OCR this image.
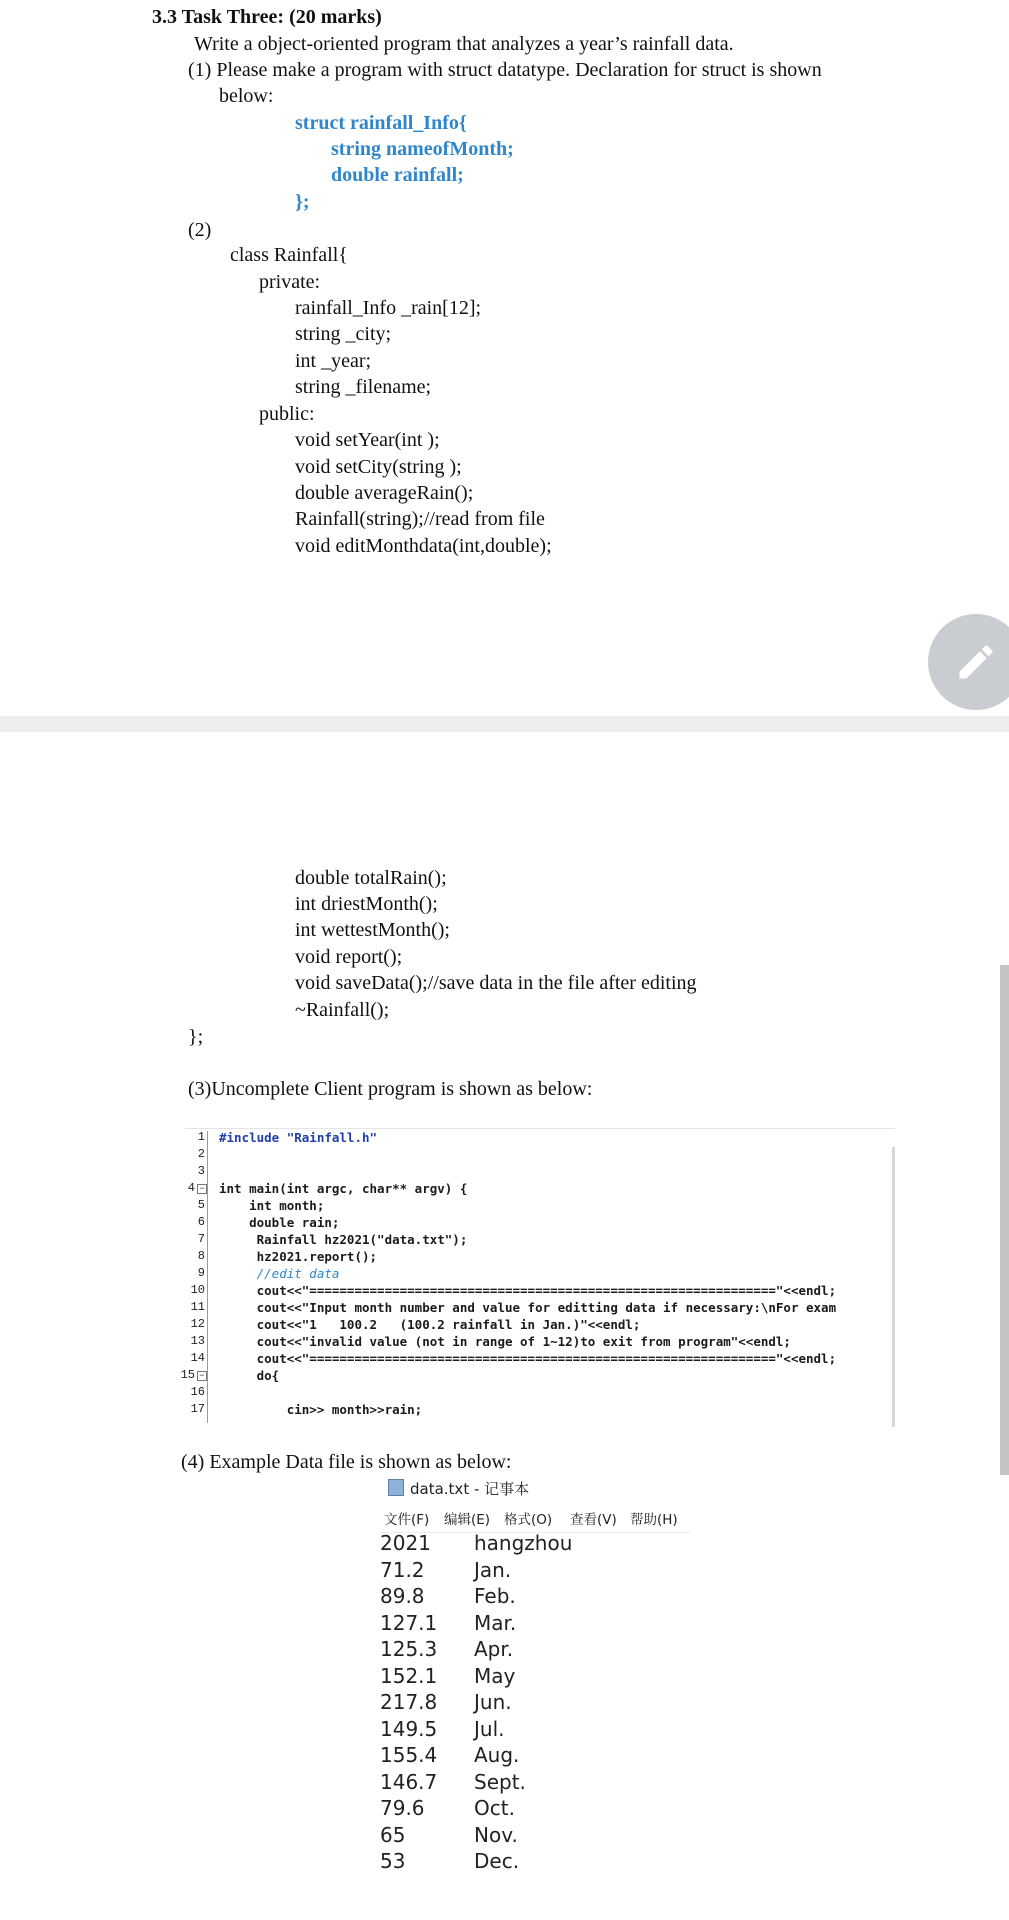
3.3 Task Three: (20 marks)
Write a object-oriented program that analyzes a year’s rainfall data.
(1) Please make a program with struct datatype. Declaration for struct is shown
below:
struct rainfall_Info{
string nameofMonth;
double rainfall;
};
(2)
class Rainfall{
private:
rainfall_Info _rain[12];
string _city;
int _year;
string _filename;
public:
void setYear(int );
void setCity(string );
double averageRain();
Rainfall(string);//read from file
void editMonthdata(int,double);
double totalRain();
int driestMonth();
int wettestMonth();
void report();
void saveData();//save data in the file after editing
~Rainfall();
};
(3)Uncomplete Client program is shown as below:
1
2
3
4
5
6
7
8
9
10
11
12
13
14
15
16
17
−
−
#include "Rainfall.h"
int main(int argc, char** argv) {
int month;
double rain;
Rainfall hz2021("data.txt");
hz2021.report();
//edit data
cout<<"=============================================================="<<endl;
cout<<"Input month number and value for editting data if necessary:\nFor exam
cout<<"1   100.2   (100.2 rainfall in Jan.)"<<endl;
cout<<"invalid value (not in range of 1~12)to exit from program"<<endl;
cout<<"=============================================================="<<endl;
do{
cin>> month>>rain;
(4) Example Data file is shown as below:
data.txt - 记事本
文件(F) 编辑(E) 格式(O) 查看(V) 帮助(H)
2021 hangzhou
71.2 Jan.
89.8 Feb.
127.1 Mar.
125.3 Apr.
152.1 May
217.8 Jun.
149.5 Jul.
155.4 Aug.
146.7 Sept.
79.6 Oct.
65	Nov.
53	Dec.
